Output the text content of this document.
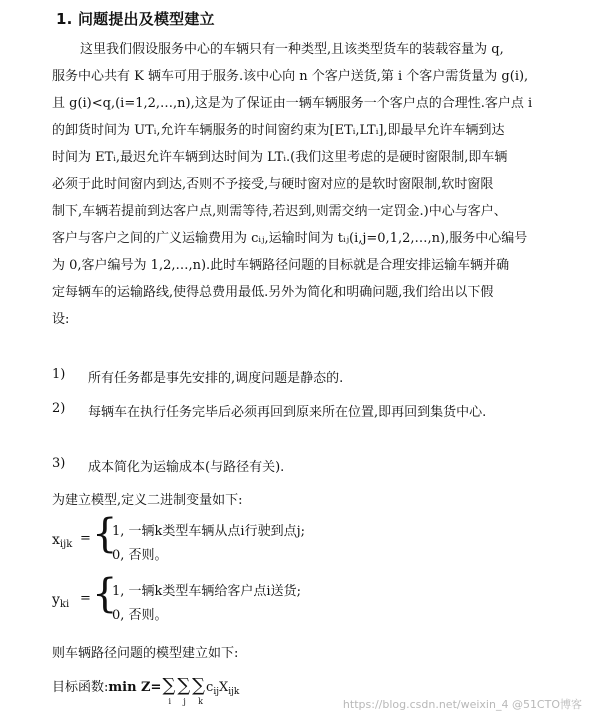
1. 问题提出及模型建立
这里我们假设服务中心的车辆只有一种类型,且该类型货车的装载容量为 q,
服务中心共有 K 辆车可用于服务.该中心向 n 个客户送货,第 i 个客户需货量为 g(i),
且 g(i)<q,(i=1,2,…,n),这是为了保证由一辆车辆服务一个客户点的合理性.客户点 i
的卸货时间为 UTᵢ,允许车辆服务的时间窗约束为[ETᵢ,LTᵢ],即最早允许车辆到达
时间为 ETᵢ,最迟允许车辆到达时间为 LTᵢ.(我们这里考虑的是硬时窗限制,即车辆
必须于此时间窗内到达,否则不予接受,与硬时窗对应的是软时窗限制,软时窗限
制下,车辆若提前到达客户点,则需等待,若迟到,则需交纳一定罚金.)中心与客户、
客户与客户之间的广义运输费用为 cᵢⱼ,运输时间为 tᵢⱼ(i,j=0,1,2,…,n),服务中心编号
为 0,客户编号为 1,2,…,n).此时车辆路径问题的目标就是合理安排运输车辆并确
定每辆车的运输路线,使得总费用最低.另外为简化和明确问题,我们给出以下假
设:
1) 所有任务都是事先安排的,调度问题是静态的.
2) 每辆车在执行任务完毕后必须再回到原来所在位置,即再回到集货中心.
3) 成本简化为运输成本(与路径有关).
为建立模型,定义二进制变量如下:
$x_{ijk}$ = {
1, 一辆k类型车辆从点i行驶到点j;
0, 否则。
$y_{ki}$ = {
1, 一辆k类型车辆给客户点i送货;
0, 否则。
则车辆路径问题的模型建立如下:
目标函数:min Z=∑
i
∑
j
∑
k
$c_{ij}X_{ijk}$
https://blog.csdn.net/weixin_4 @51CTO博客
